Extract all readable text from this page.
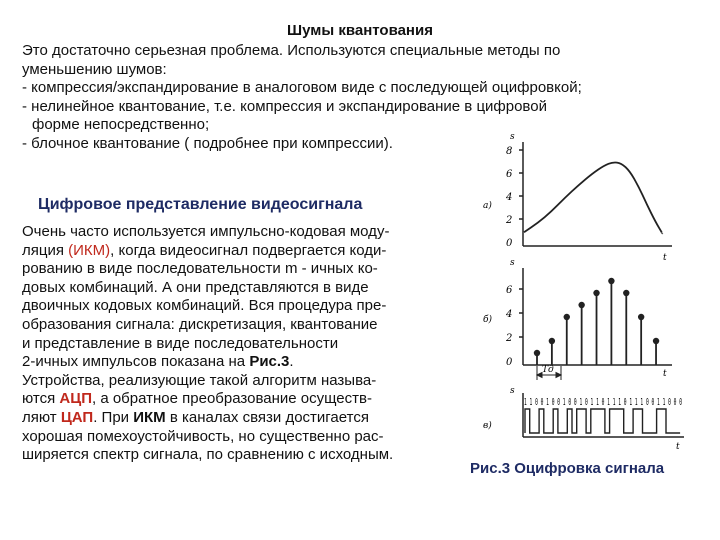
Шумы квантования
Это достаточно серьезная проблема. Используются специальные методы по
уменьшению шумов:
- компрессия/экспандирование в аналоговом виде с последующей оцифровкой;
- нелинейное квантование, т.е. компрессия и экспандирование в цифровой
форме непосредственно;
- блочное квантование ( подробнее при компрессии).
Цифровое представление видеосигнала
Очень часто используется импульсно-кодовая моду-
ляция (ИКМ), когда видеосигнал подвергается коди-
рованию в виде последовательности m - ичных ко-
довых комбинаций. А они представляются в виде
двоичных кодовых комбинаций. Вся процедура пре-
образования сигнала: дискретизация, квантование
и представление в виде последовательности
2-ичных импульсов показана на Рис.3.
Устройства, реализующие такой алгоритм называ-
ются АЦП, а обратное преобразование осуществ-
ляют ЦАП. При ИКМ в каналах связи достигается
хорошая помехоустойчивость, но существенно рас-
ширяется спектр сигнала, по сравнению с исходным.
s
8
6
4
2
0
а)
t
Tд
s
6
4
2
0
б)
t
1 1 0 0 1 0 0 1 0 0 1 0 1 1 0 1 1 1 0 1 1 1 0 0 1 1 0 0 0
s
в)
t
Рис.3 Оцифровка сигнала
